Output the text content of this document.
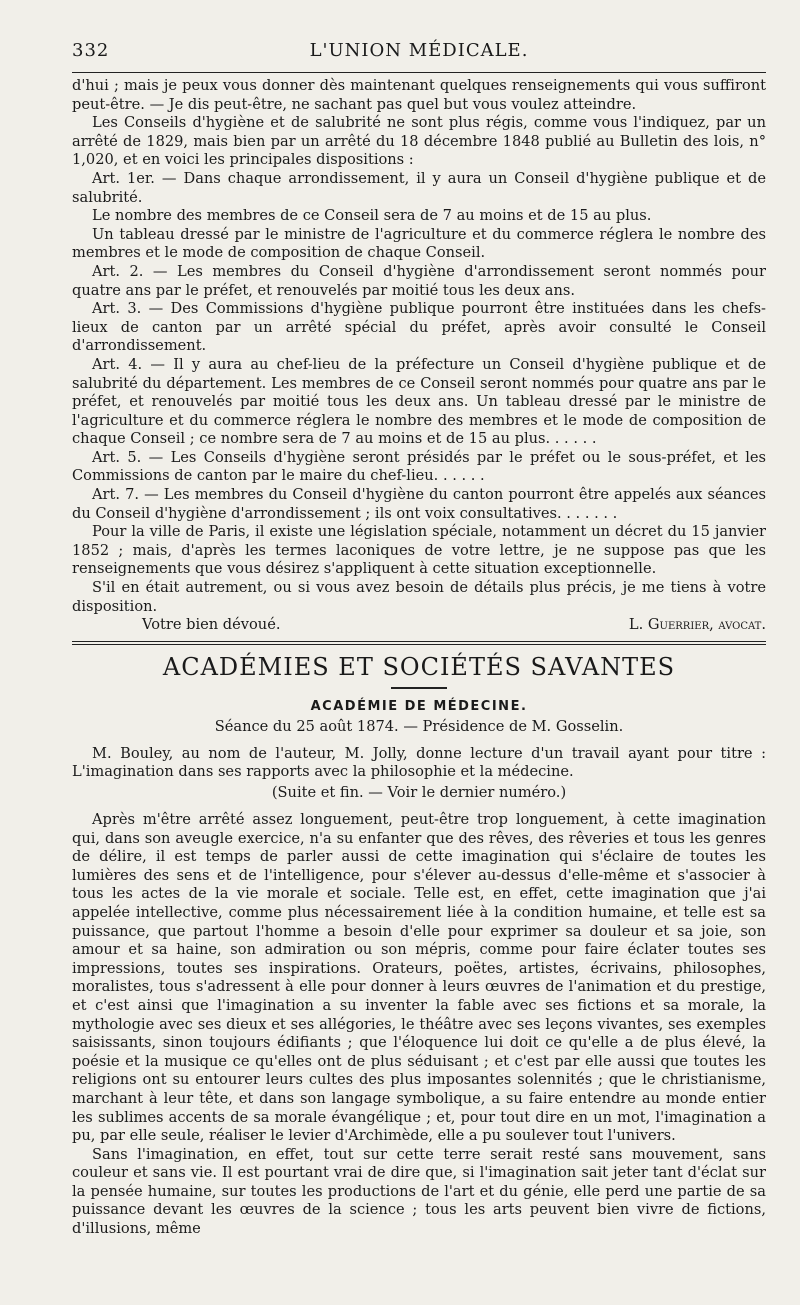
332	L'UNION MÉDICALE.

d'hui ; mais je peux vous donner dès maintenant quelques renseignements qui vous suffiront peut-être. — Je dis peut-être, ne sachant pas quel but vous voulez atteindre.

Les Conseils d'hygiène et de salubrité ne sont plus régis, comme vous l'indiquez, par un arrêté de 1829, mais bien par un arrêté du 18 décembre 1848 publié au Bulletin des lois, n° 1,020, et en voici les principales dispositions :

Art. 1er. — Dans chaque arrondissement, il y aura un Conseil d'hygiène publique et de salubrité.

Le nombre des membres de ce Conseil sera de 7 au moins et de 15 au plus.

Un tableau dressé par le ministre de l'agriculture et du commerce réglera le nombre des membres et le mode de composition de chaque Conseil.

Art. 2. — Les membres du Conseil d'hygiène d'arrondissement seront nommés pour quatre ans par le préfet, et renouvelés par moitié tous les deux ans.

Art. 3. — Des Commissions d'hygiène publique pourront être instituées dans les chefs-lieux de canton par un arrêté spécial du préfet, après avoir consulté le Conseil d'arrondissement.

Art. 4. — Il y aura au chef-lieu de la préfecture un Conseil d'hygiène publique et de salubrité du département. Les membres de ce Conseil seront nommés pour quatre ans par le préfet, et renouvelés par moitié tous les deux ans. Un tableau dressé par le ministre de l'agriculture et du commerce réglera le nombre des membres et le mode de composition de chaque Conseil ; ce nombre sera de 7 au moins et de 15 au plus. . . . . .

Art. 5. — Les Conseils d'hygiène seront présidés par le préfet ou le sous-préfet, et les Commissions de canton par le maire du chef-lieu. . . . . .

Art. 7. — Les membres du Conseil d'hygiène du canton pourront être appelés aux séances du Conseil d'hygiène d'arrondissement ; ils ont voix consultatives. . . . . . .

Pour la ville de Paris, il existe une législation spéciale, notamment un décret du 15 janvier 1852 ; mais, d'après les termes laconiques de votre lettre, je ne suppose pas que les renseignements que vous désirez s'appliquent à cette situation exceptionnelle.

S'il en était autrement, ou si vous avez besoin de détails plus précis, je me tiens à votre disposition.

Votre bien dévoué.	L. Guerrier, avocat.
ACADÉMIES ET SOCIÉTÉS SAVANTES
ACADÉMIE DE MÉDECINE.
Séance du 25 août 1874. — Présidence de M. Gosselin.

M. Bouley, au nom de l'auteur, M. Jolly, donne lecture d'un travail ayant pour titre : L'imagination dans ses rapports avec la philosophie et la médecine.

(Suite et fin. — Voir le dernier numéro.)

Après m'être arrêté assez longuement, peut-être trop longuement, à cette imagination qui, dans son aveugle exercice, n'a su enfanter que des rêves, des rêveries et tous les genres de délire, il est temps de parler aussi de cette imagination qui s'éclaire de toutes les lumières des sens et de l'intelligence, pour s'élever au-dessus d'elle-même et s'associer à tous les actes de la vie morale et sociale. Telle est, en effet, cette imagination que j'ai appelée intellective, comme plus nécessairement liée à la condition humaine, et telle est sa puissance, que partout l'homme a besoin d'elle pour exprimer sa douleur et sa joie, son amour et sa haine, son admiration ou son mépris, comme pour faire éclater toutes ses impressions, toutes ses inspirations. Orateurs, poëtes, artistes, écrivains, philosophes, moralistes, tous s'adressent à elle pour donner à leurs œuvres de l'animation et du prestige, et c'est ainsi que l'imagination a su inventer la fable avec ses fictions et sa morale, la mythologie avec ses dieux et ses allégories, le théâtre avec ses leçons vivantes, ses exemples saisissants, sinon toujours édifiants ; que l'éloquence lui doit ce qu'elle a de plus élevé, la poésie et la musique ce qu'elles ont de plus séduisant ; et c'est par elle aussi que toutes les religions ont su entourer leurs cultes des plus imposantes solennités ; que le christianisme, marchant à leur tête, et dans son langage symbolique, a su faire entendre au monde entier les sublimes accents de sa morale évangélique ; et, pour tout dire en un mot, l'imagination a pu, par elle seule, réaliser le levier d'Archimède, elle a pu soulever tout l'univers.

Sans l'imagination, en effet, tout sur cette terre serait resté sans mouvement, sans couleur et sans vie. Il est pourtant vrai de dire que, si l'imagination sait jeter tant d'éclat sur la pensée humaine, sur toutes les productions de l'art et du génie, elle perd une partie de sa puissance devant les œuvres de la science ; tous les arts peuvent bien vivre de fictions, d'illusions, même
